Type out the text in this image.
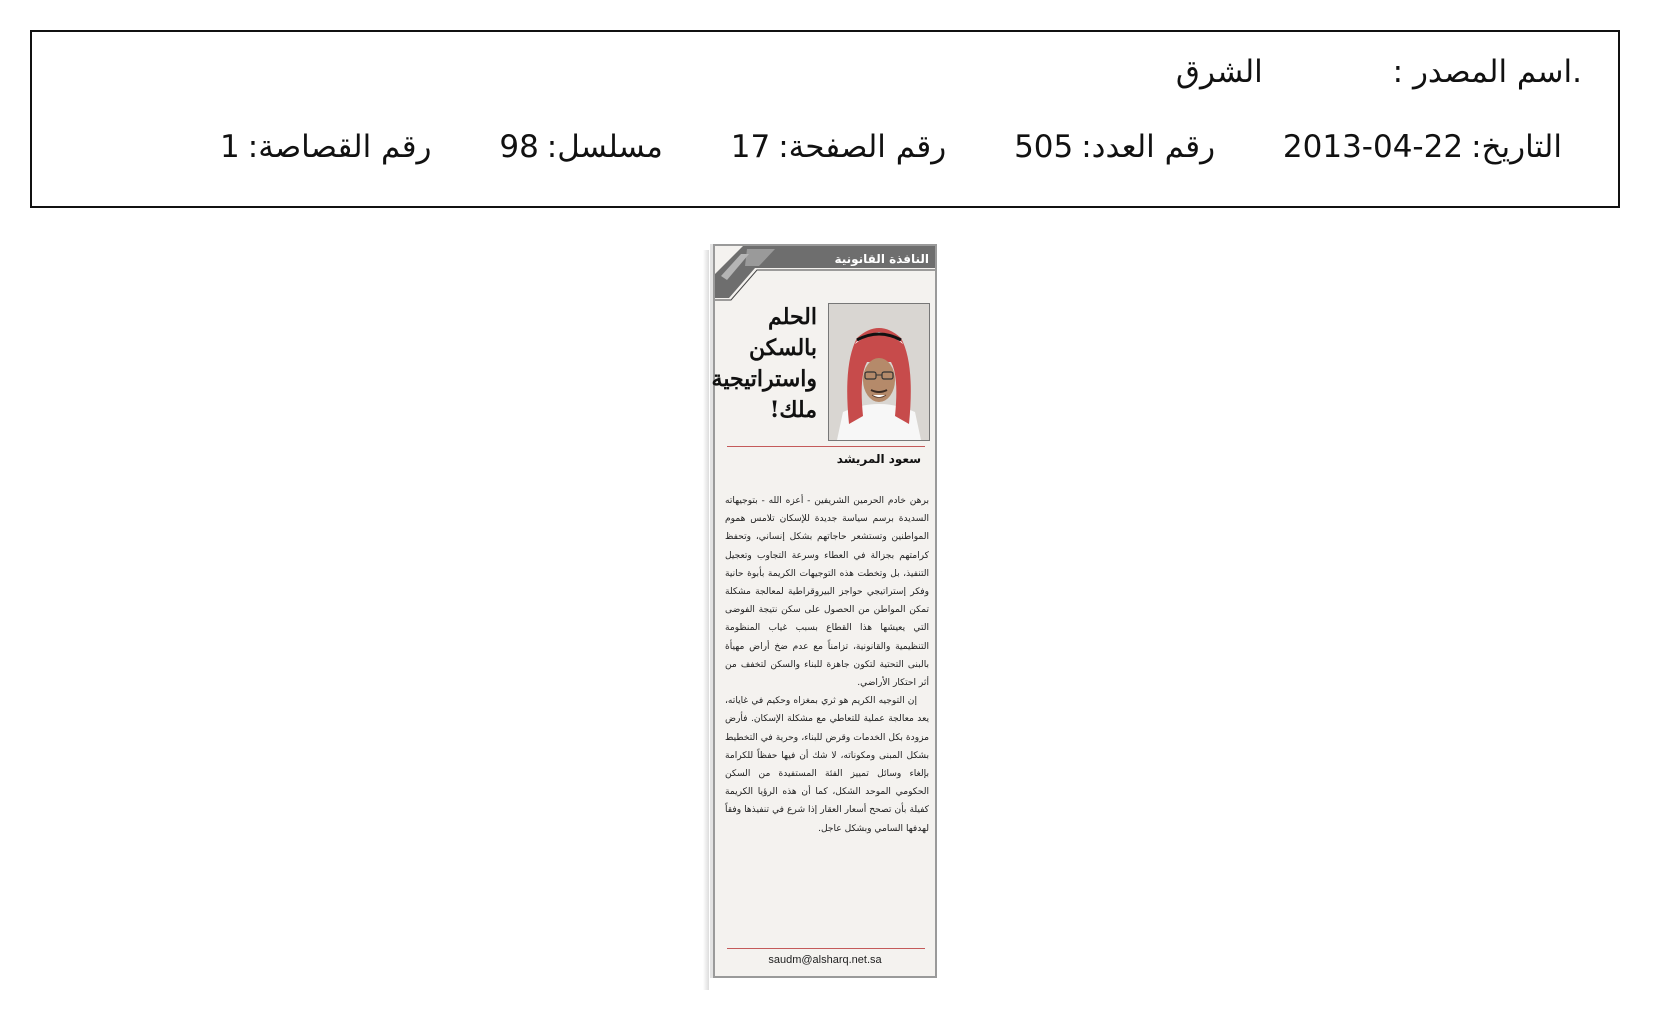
.اسم المصدر : الشرق
التاريخ:2013-04-22 رقم العدد:505 رقم الصفحة:17 مسلسل:98 رقم القصاصة:1
النافذة القانونية
الحلم
بالسكن
واستراتيجية
ملك!
سعود المريشد

برهن خادم الحرمين الشريفين - أعزه الله - بتوجيهاته السديدة برسم سياسة جديدة للإسكان تلامس هموم المواطنين وتستشعر حاجاتهم بشكل إنساني، وتحفظ كرامتهم بجزالة في العطاء وسرعة التجاوب وتعجيل التنفيذ، بل وتخطت هذه التوجيهات الكريمة بأبوة حانية وفكر إستراتيجي حواجز البيروقراطية لمعالجة مشكلة تمكن المواطن من الحصول على سكن نتيجة الفوضى التي يعيشها هذا القطاع بسبب غياب المنظومة التنظيمية والقانونية، تزامناً مع عدم ضخ أراض مهيأة بالبنى التحتية لتكون جاهزة للبناء والسكن لتخفف من أثر احتكار الأراضي.

إن التوجيه الكريم هو ثري بمغزاه وحكيم في غاياته، يعد معالجة عملية للتعاطي مع مشكلة الإسكان. فأرض مزودة بكل الخدمات وقرض للبناء، وحرية في التخطيط بشكل المبنى ومكوناته، لا شك أن فيها حفظاً للكرامة بإلغاء وسائل تمييز الفئة المستفيدة من السكن الحكومي الموحد الشكل، كما أن هذه الرؤيا الكريمة كفيلة بأن تصحح أسعار العقار إذا شرع في تنفيذها وفقاً لهدفها السامي وبشكل عاجل.

saudm@alsharq.net.sa
